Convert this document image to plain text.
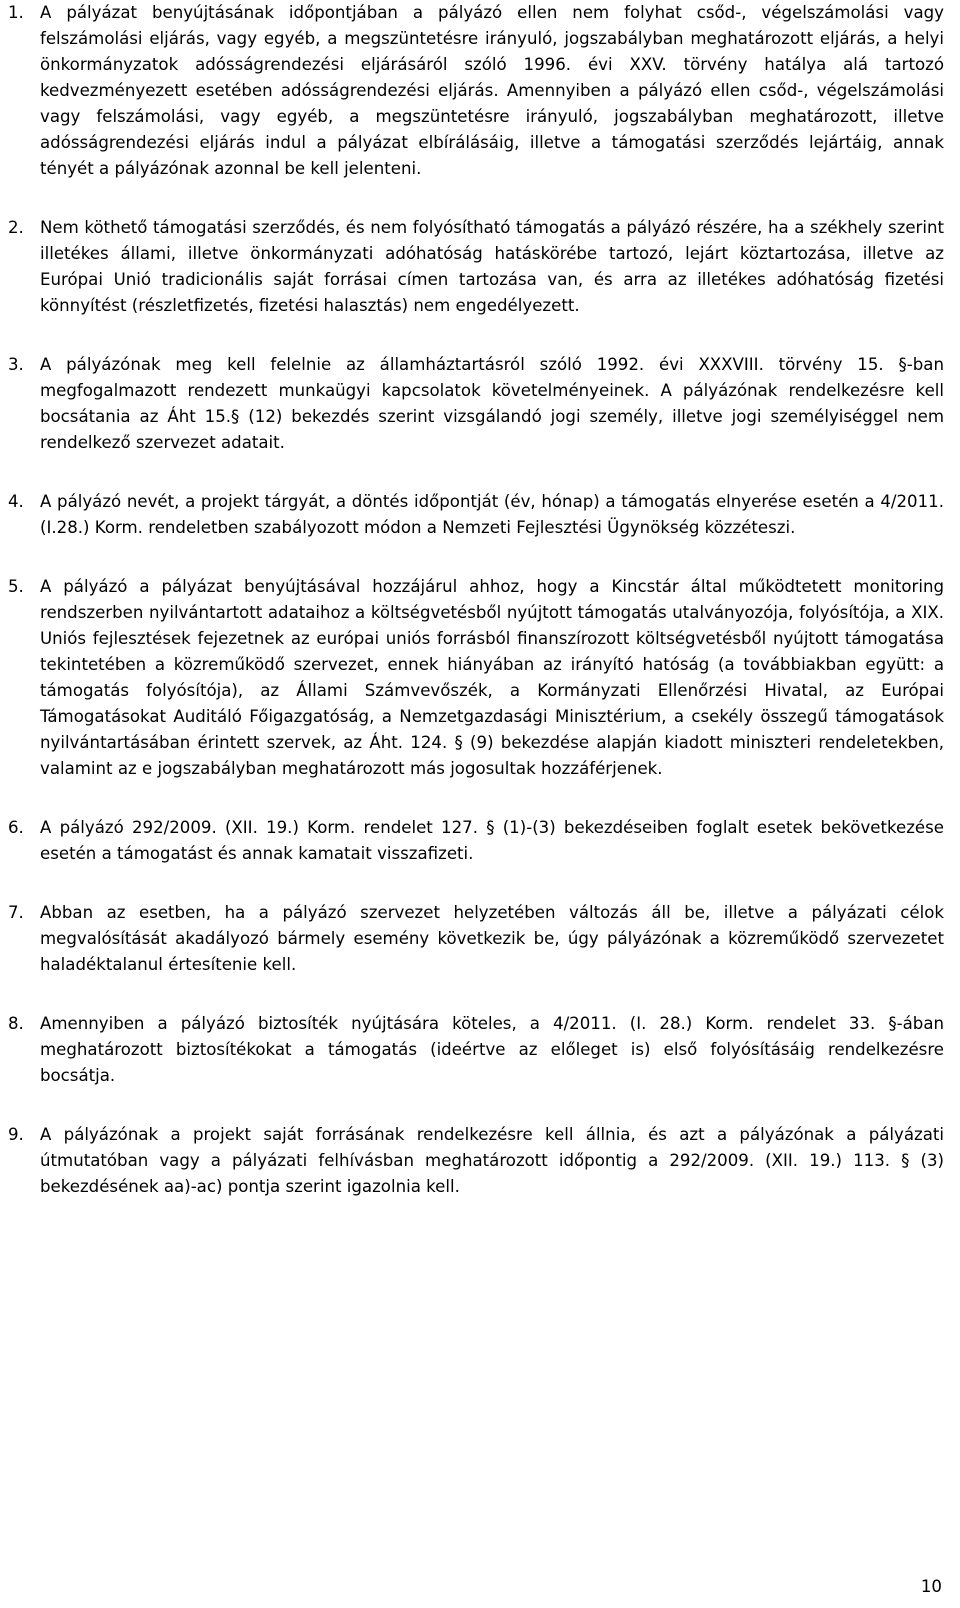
1. A pályázat benyújtásának időpontjában a pályázó ellen nem folyhat csőd-, végelszámolási vagy felszámolási eljárás, vagy egyéb, a megszüntetésre irányuló, jogszabályban meghatározott eljárás, a helyi önkormányzatok adósságrendezési eljárásáról szóló 1996. évi XXV. törvény hatálya alá tartozó kedvezményezett esetében adósságrendezési eljárás. Amennyiben a pályázó ellen csőd-, végelszámolási vagy felszámolási, vagy egyéb, a megszüntetésre irányuló, jogszabályban meghatározott, illetve adósságrendezési eljárás indul a pályázat elbírálásáig, illetve a támogatási szerződés lejártáig, annak tényét a pályázónak azonnal be kell jelenteni.
2. Nem köthető támogatási szerződés, és nem folyósítható támogatás a pályázó részére, ha a székhely szerint illetékes állami, illetve önkormányzati adóhatóság hatáskörébe tartozó, lejárt köztartozása, illetve az Európai Unió tradicionális saját forrásai címen tartozása van, és arra az illetékes adóhatóság fizetési könnyítést (részletfizetés, fizetési halasztás) nem engedélyezett.
3. A pályázónak meg kell felelnie az államháztartásról szóló 1992. évi XXXVIII. törvény 15. §-ban megfogalmazott rendezett munkaügyi kapcsolatok követelményeinek. A pályázónak rendelkezésre kell bocsátania az Áht 15.§ (12) bekezdés szerint vizsgálandó jogi személy, illetve jogi személyiséggel nem rendelkező szervezet adatait.
4. A pályázó nevét, a projekt tárgyát, a döntés időpontját (év, hónap) a támogatás elnyerése esetén a 4/2011. (I.28.) Korm. rendeletben szabályozott módon a Nemzeti Fejlesztési Ügynökség közzéteszi.
5. A pályázó a pályázat benyújtásával hozzájárul ahhoz, hogy a Kincstár által működtetett monitoring rendszerben nyilvántartott adataihoz a költségvetésből nyújtott támogatás utalványozója, folyósítója, a XIX. Uniós fejlesztések fejezetnek az európai uniós forrásból finanszírozott költségvetésből nyújtott támogatása tekintetében a közreműködő szervezet, ennek hiányában az irányító hatóság (a továbbiakban együtt: a támogatás folyósítója), az Állami Számvevőszék, a Kormányzati Ellenőrzési Hivatal, az Európai Támogatásokat Auditáló Főigazgatóság, a Nemzetgazdasági Minisztérium, a csekély összegű támogatások nyilvántartásában érintett szervek, az Áht. 124. § (9) bekezdése alapján kiadott miniszteri rendeletekben, valamint az e jogszabályban meghatározott más jogosultak hozzáférjenek.
6. A pályázó 292/2009. (XII. 19.) Korm. rendelet 127. § (1)-(3) bekezdéseiben foglalt esetek bekövetkezése esetén a támogatást és annak kamatait visszafizeti.
7. Abban az esetben, ha a pályázó szervezet helyzetében változás áll be, illetve a pályázati célok megvalósítását akadályozó bármely esemény következik be, úgy pályázónak a közreműködő szervezetet haladéktalanul értesítenie kell.
8. Amennyiben a pályázó biztosíték nyújtására köteles, a 4/2011. (I. 28.) Korm. rendelet 33. §-ában meghatározott biztosítékokat a támogatás (ideértve az előleget is) első folyósításáig rendelkezésre bocsátja.
9. A pályázónak a projekt saját forrásának rendelkezésre kell állnia, és azt a pályázónak a pályázati útmutatóban vagy a pályázati felhívásban meghatározott időpontig a 292/2009. (XII. 19.) 113. § (3) bekezdésének aa)-ac) pontja szerint igazolnia kell.
10
